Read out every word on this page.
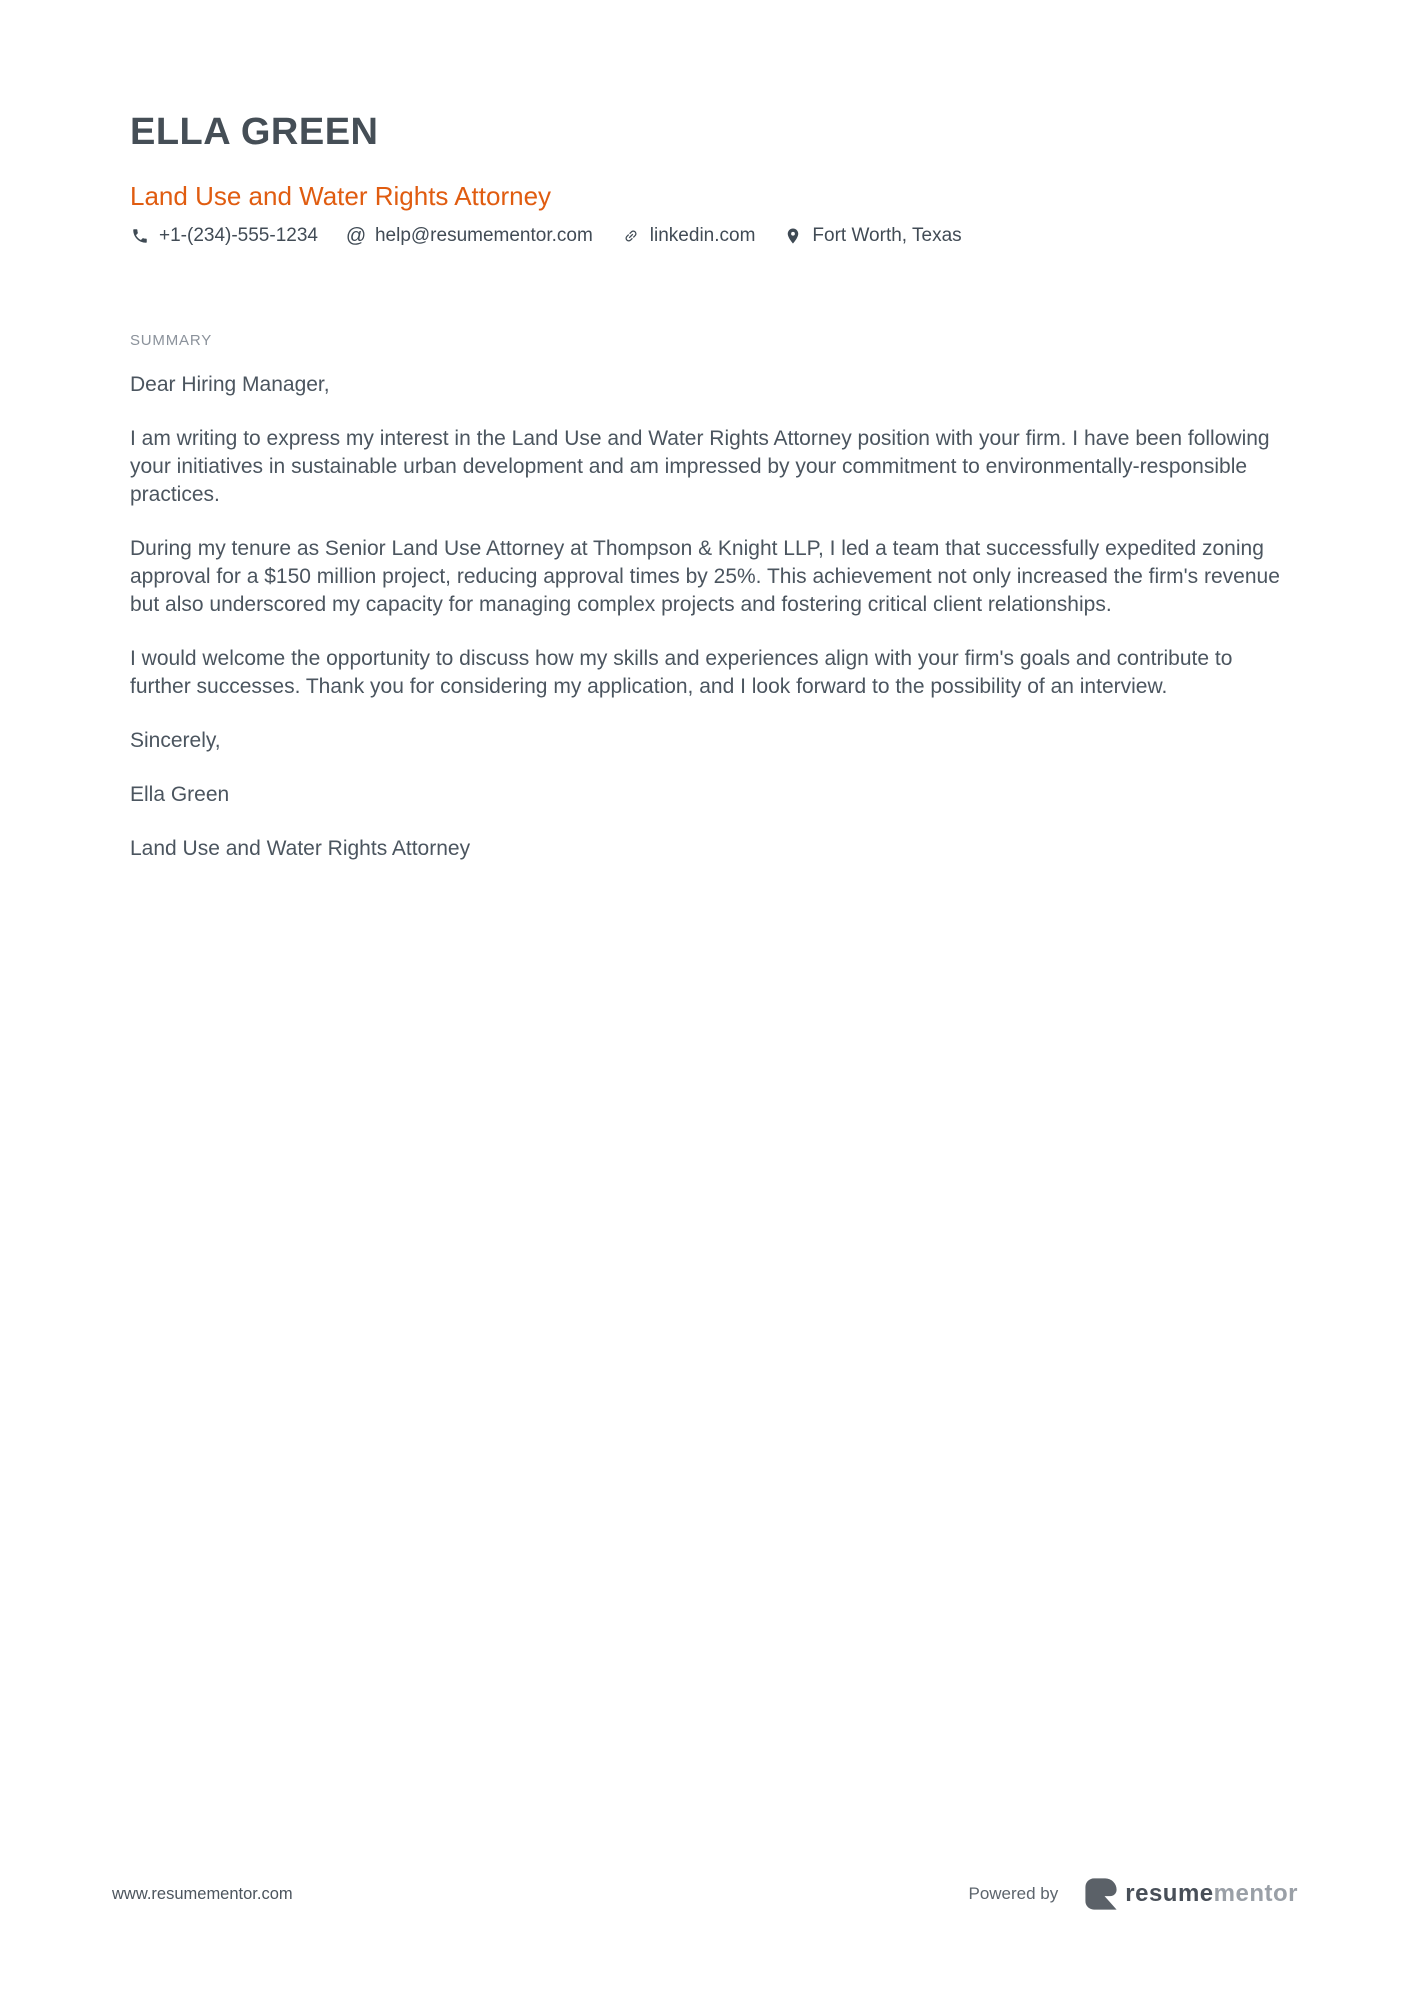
ELLA GREEN
Land Use and Water Rights Attorney
+1-(234)-555-1234 @ help@resumementor.com	linkedin.com	Fort Worth, Texas
SUMMARY

Dear Hiring Manager,

I am writing to express my interest in the Land Use and Water Rights Attorney position with your firm. I have been following your initiatives in sustainable urban development and am impressed by your commitment to environmentally-responsible practices.

During my tenure as Senior Land Use Attorney at Thompson & Knight LLP, I led a team that successfully expedited zoning approval for a $150 million project, reducing approval times by 25%. This achievement not only increased the firm's revenue but also underscored my capacity for managing complex projects and fostering critical client relationships.

I would welcome the opportunity to discuss how my skills and experiences align with your firm's goals and contribute to further successes. Thank you for considering my application, and I look forward to the possibility of an interview.

Sincerely,

Ella Green

Land Use and Water Rights Attorney

www.resumementor.com	Powered by	resumementor
